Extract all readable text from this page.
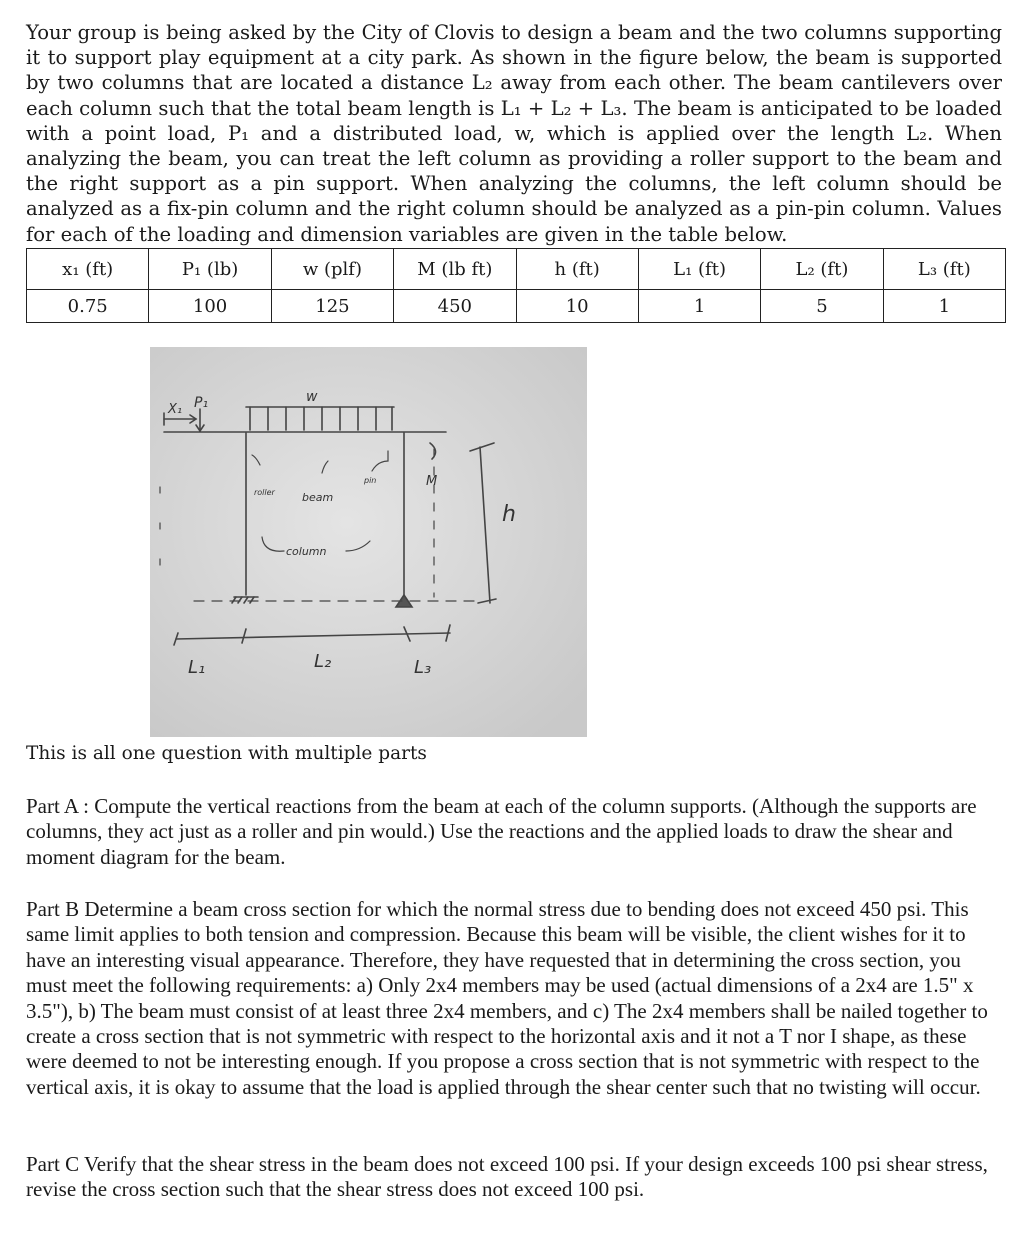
Your group is being asked by the City of Clovis to design a beam and the two columns supporting it to support play equipment at a city park. As shown in the figure below, the beam is supported by two columns that are located a distance L₂ away from each other. The beam cantilevers over each column such that the total beam length is L₁ + L₂ + L₃. The beam is anticipated to be loaded with a point load, P₁ and a distributed load, w, which is applied over the length L₂. When analyzing the beam, you can treat the left column as providing a roller support to the beam and the right support as a pin support. When analyzing the columns, the left column should be analyzed as a fix-pin column and the right column should be analyzed as a pin-pin column. Values for each of the loading and dimension variables are given in the table below.

x₁ (ft)	P₁ (lb)	w (plf)	M (lb ft)	h (ft)	L₁ (ft)	L₂ (ft)	L₃ (ft)
0.75	100	125	450	10	1	5	1
X₁ P₁	w
roller
pin
beam
column
M
h
L₁	L₂	L₃

This is all one question with multiple parts

Part A : Compute the vertical reactions from the beam at each of the column supports. (Although the supports are columns, they act just as a roller and pin would.) Use the reactions and the applied loads to draw the shear and moment diagram for the beam.

Part B Determine a beam cross section for which the normal stress due to bending does not exceed 450 psi. This same limit applies to both tension and compression. Because this beam will be visible, the client wishes for it to have an interesting visual appearance. Therefore, they have requested that in determining the cross section, you must meet the following requirements: a) Only 2x4 members may be used (actual dimensions of a 2x4 are 1.5" x 3.5"), b) The beam must consist of at least three 2x4 members, and c) The 2x4 members shall be nailed together to create a cross section that is not symmetric with respect to the horizontal axis and it not a T nor I shape, as these were deemed to not be interesting enough. If you propose a cross section that is not symmetric with respect to the vertical axis, it is okay to assume that the load is applied through the shear center such that no twisting will occur.

Part C Verify that the shear stress in the beam does not exceed 100 psi. If your design exceeds 100 psi shear stress, revise the cross section such that the shear stress does not exceed 100 psi.
